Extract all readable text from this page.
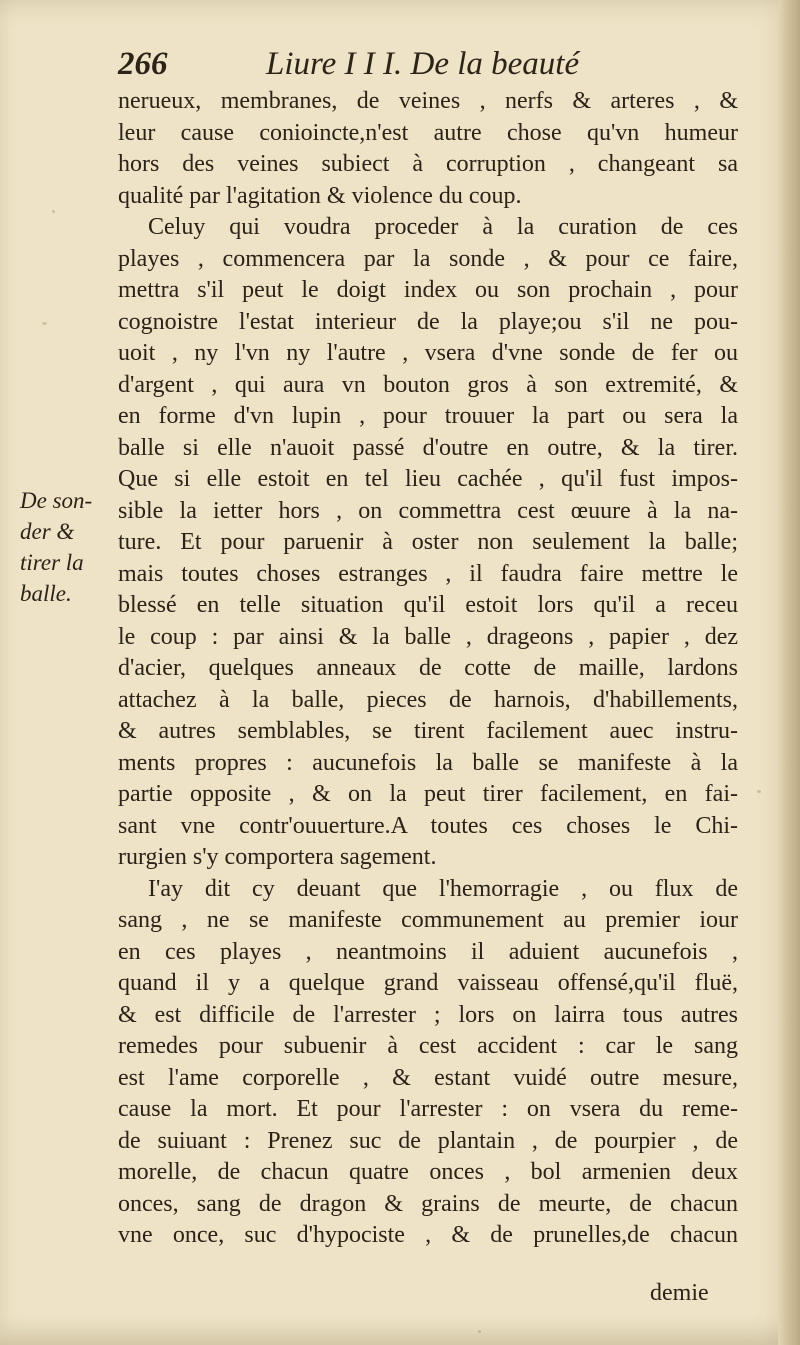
266	Liure I I I. De la beauté
De son-
der &
tirer la
balle.
nerueux, membranes, de veines , nerfs & arteres , &
leur cause conioincte,n'est autre chose qu'vn humeur
hors des veines subiect à corruption , changeant sa
qualité par l'agitation & violence du coup.
Celuy qui voudra proceder à la curation de ces
playes , commencera par la sonde , & pour ce faire,
mettra s'il peut le doigt index ou son prochain , pour
cognoistre l'estat interieur de la playe;ou s'il ne pou-
uoit , ny l'vn ny l'autre , vsera d'vne sonde de fer ou
d'argent , qui aura vn bouton gros à son extremité, &
en forme d'vn lupin , pour trouuer la part ou sera la
balle si elle n'auoit passé d'outre en outre, & la tirer.
Que si elle estoit en tel lieu cachée , qu'il fust impos-
sible la ietter hors , on commettra cest œuure à la na-
ture. Et pour paruenir à oster non seulement la balle;
mais toutes choses estranges , il faudra faire mettre le
blessé en telle situation qu'il estoit lors qu'il a receu
le coup : par ainsi & la balle , drageons , papier , dez
d'acier, quelques anneaux de cotte de maille, lardons
attachez à la balle, pieces de harnois, d'habillements,
& autres semblables, se tirent facilement auec instru-
ments propres : aucunefois la balle se manifeste à la
partie opposite , & on la peut tirer facilement, en fai-
sant vne contr'ouuerture.A toutes ces choses le Chi-
rurgien s'y comportera sagement.
I'ay dit cy deuant que l'hemorragie , ou flux de
sang , ne se manifeste communement au premier iour
en ces playes , neantmoins il aduient aucunefois ,
quand il y a quelque grand vaisseau offensé,qu'il fluë,
& est difficile de l'arrester ; lors on lairra tous autres
remedes pour subuenir à cest accident : car le sang
est l'ame corporelle , & estant vuidé outre mesure,
cause la mort. Et pour l'arrester : on vsera du reme-
de suiuant : Prenez suc de plantain , de pourpier , de
morelle, de chacun quatre onces , bol armenien deux
onces, sang de dragon & grains de meurte, de chacun
vne once, suc d'hypociste , & de prunelles,de chacun
demie
